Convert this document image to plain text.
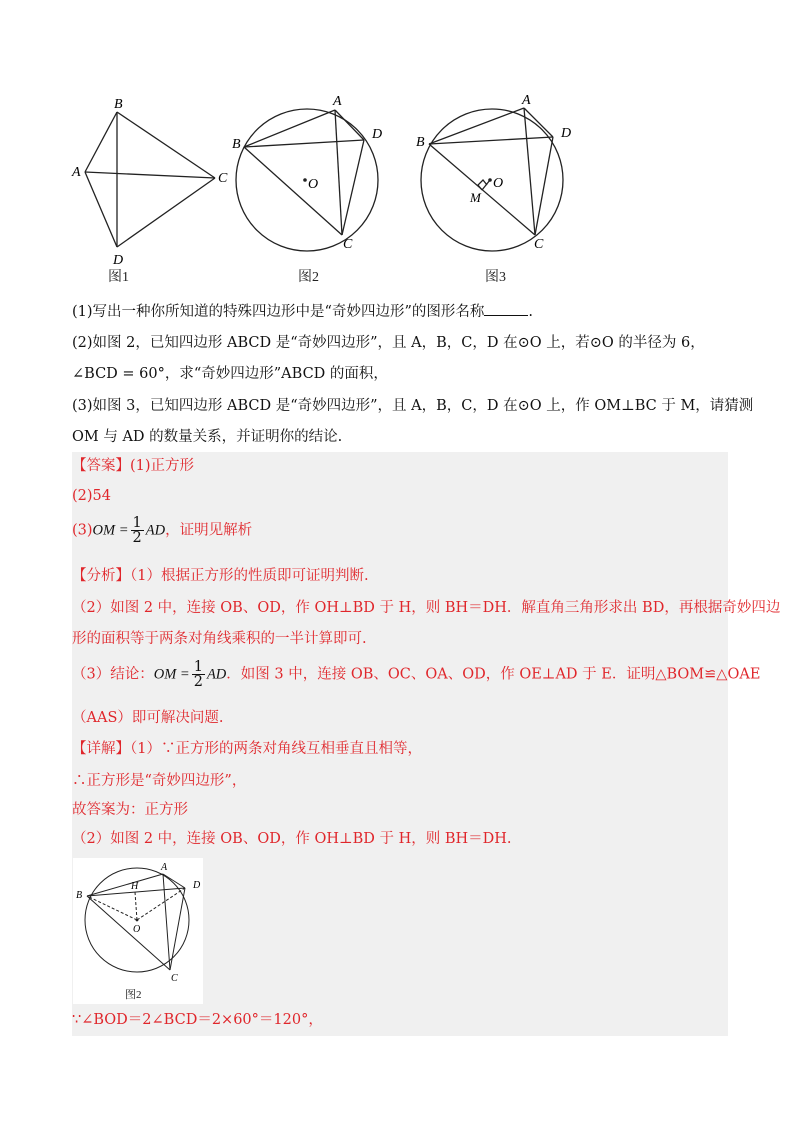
B
A	C
D
图1
O
B
A
D
C
图2
O
M
B
A
D
C
图3
(1)写出一种你所知道的特殊四边形中是“奇妙四边形”的图形名称	.
(2)如图 2，已知四边形 ABCD 是“奇妙四边形”，且 A，B，C，D 在⊙O 上，若⊙O 的半径为 6，
∠BCD = 60°，求“奇妙四边形”ABCD 的面积，
(3)如图 3，已知四边形 ABCD 是“奇妙四边形”，且 A，B，C，D 在⊙O 上，作 OM⊥BC 于 M，请猜测
OM 与 AD 的数量关系，并证明你的结论.
【答案】(1)正方形
(2)54
$(3)OM = \frac{1}{2}$ AD，证明见解析
【分析】（1）根据正方形的性质即可证明判断.
（2）如图 2 中，连接 OB、OD，作 OH⊥BD 于 H，则 BH＝DH．解直角三角形求出 BD，再根据奇妙四边
形的面积等于两条对角线乘积的一半计算即可.
（3）结论：OM = $\frac{1}{2}$ AD．如图 3 中，连接 OB、OC、OA、OD，作 OE⊥AD 于 E．证明△BOM≌△OAE
（AAS）即可解决问题.
【详解】（1）∵正方形的两条对角线互相垂直且相等，
∴正方形是“奇妙四边形”，
故答案为：正方形
（2）如图 2 中，连接 OB、OD，作 OH⊥BD 于 H，则 BH＝DH.
O
H
B
A
D
C
图2
∵∠BOD＝2∠BCD＝2×60°＝120°，
